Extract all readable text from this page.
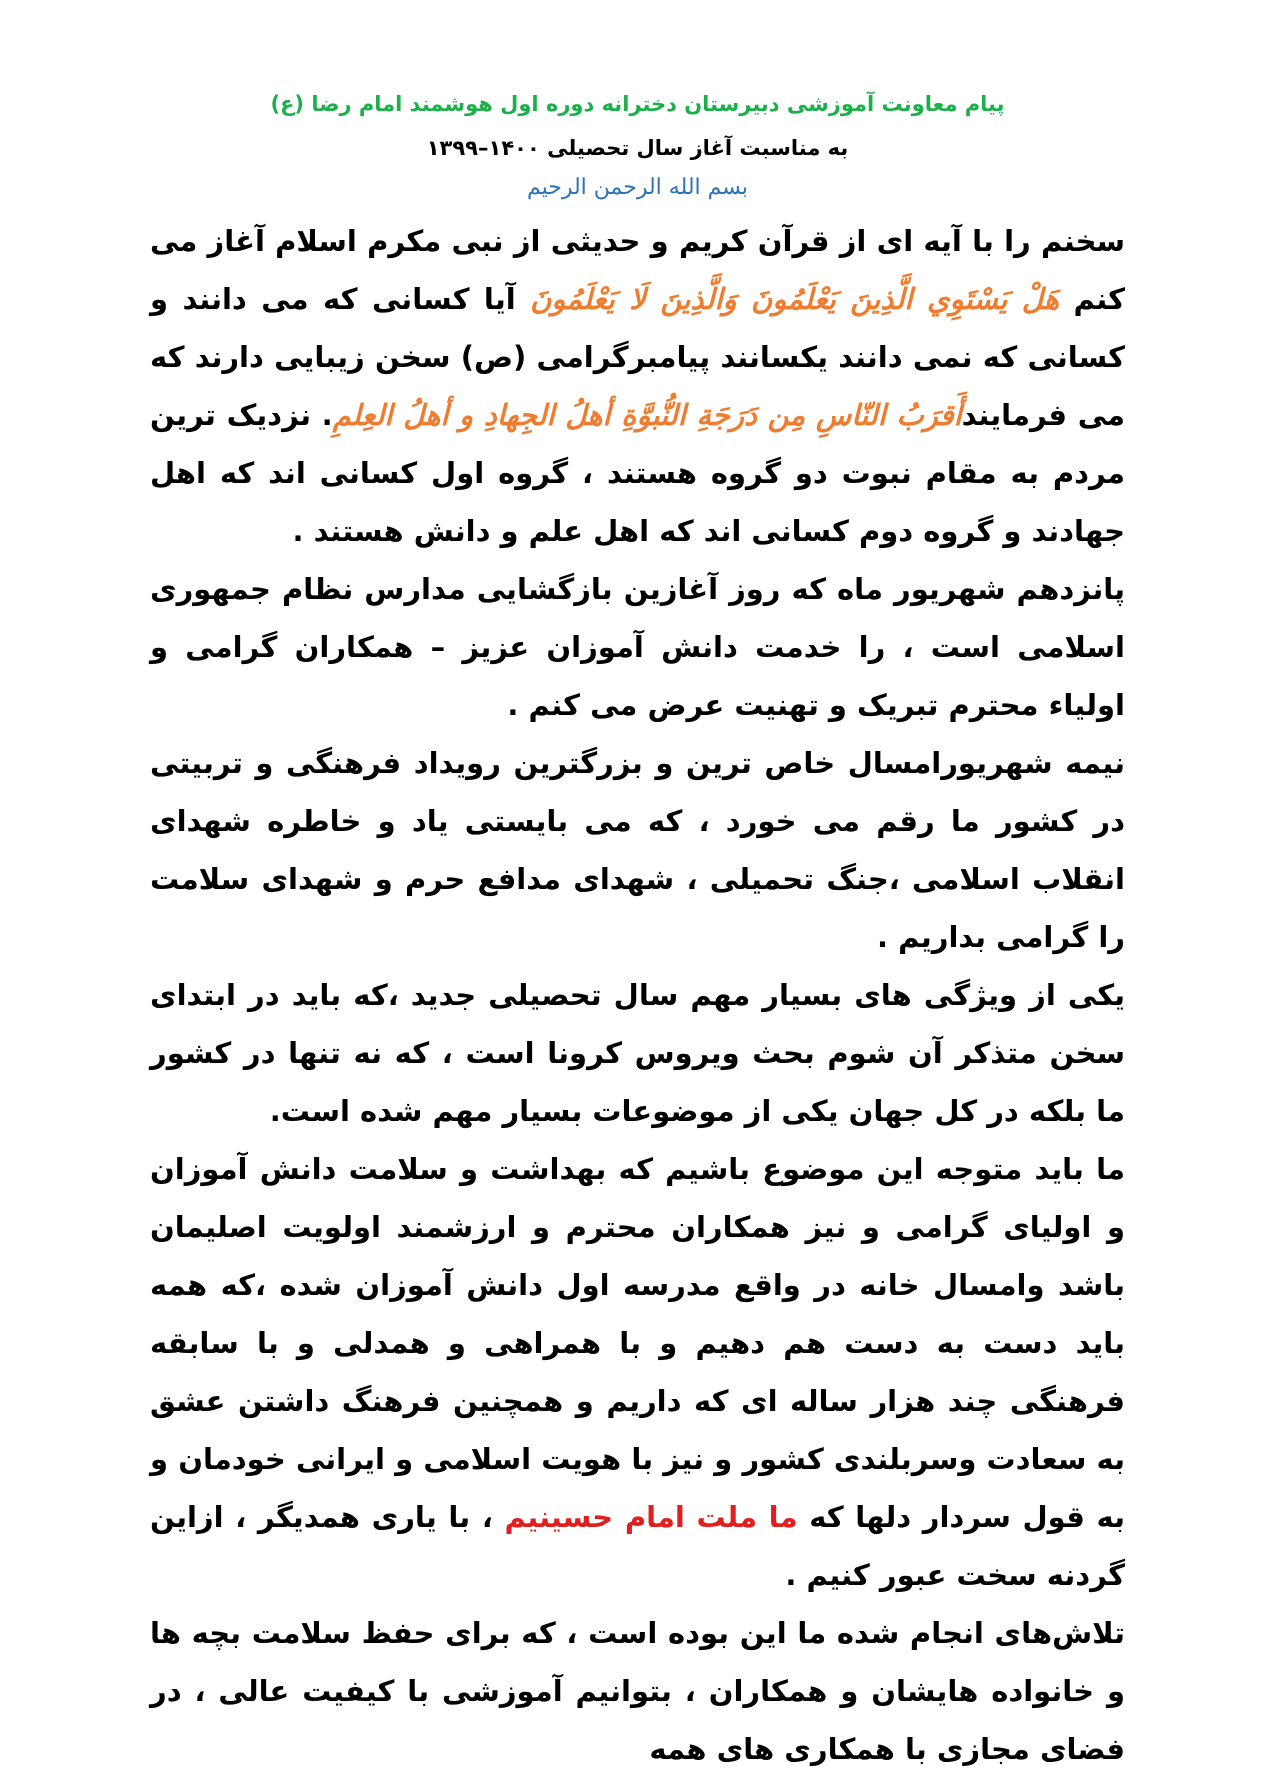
پیام معاونت آموزشی دبیرستان دخترانه دوره اول هوشمند امام رضا (ع)
به مناسبت آغاز سال تحصیلی ۱۴۰۰–۱۳۹۹
بسم الله الرحمن الرحیم

سخنم را با آیه ای از قرآن کریم و حدیثی از نبی مکرم اسلام آغاز می کنم هَلْ يَسْتَوِي الَّذِينَ يَعْلَمُونَ وَالَّذِينَ لَا يَعْلَمُونَ آیا کسانی که می دانند و کسانی که نمی دانند یکسانند پیامبرگرامی (ص) سخن زیبایی دارند که می فرمایندأَقرَبُ النّاسِ مِن دَرَجَةِ النُّبوَّةِ أهلُ الجِهادِ و أهلُ العِلمِ. نزدیک ترین مردم به مقام نبوت دو گروه هستند ، گروه اول کسانی اند که اهل جهادند و گروه دوم کسانی اند که اهل علم و دانش هستند .

پانزدهم شهریور ماه که روز آغازین بازگشایی مدارس نظام جمهوری اسلامی است ، را خدمت دانش آموزان عزیز – همکاران گرامی و اولیاء محترم تبریک و تهنیت عرض می کنم .

نیمه شهریورامسال خاص ترین و بزرگترین رویداد فرهنگی و تربیتی در کشور ما رقم می خورد ، که می بایستی یاد و خاطره شهدای انقلاب اسلامی ،جنگ تحمیلی ، شهدای مدافع حرم و شهدای سلامت را گرامی بداریم .

یکی از ویژگی های بسیار مهم سال تحصیلی جدید ،که باید در ابتدای سخن متذکر آن شوم بحث ویروس کرونا است ، که نه تنها در کشور ما بلکه در کل جهان یکی از موضوعات بسیار مهم شده است.

ما باید متوجه این موضوع باشیم که بهداشت و سلامت دانش آموزان و اولیای گرامی و نیز همکاران محترم و ارزشمند اولویت اصلیمان باشد وامسال خانه در واقع مدرسه اول دانش آموزان شده ،که همه باید دست به دست هم دهیم و با همراهی و همدلی و با سابقه فرهنگی چند هزار ساله ای که داریم و همچنین فرهنگ داشتن عشق به سعادت وسربلندی کشور و نیز با هویت اسلامی و ایرانی خودمان و به قول سردار دلها که ما ملت امام حسینیم ، با یاری همدیگر ، ازاین گردنه سخت عبور کنیم .

تلاش‌های انجام شده ما این بوده است ، که برای حفظ سلامت بچه ها و خانواده هایشان و همکاران ، بتوانیم آموزشی با کیفیت عالی ، در فضای مجازی با همکاری های همه
